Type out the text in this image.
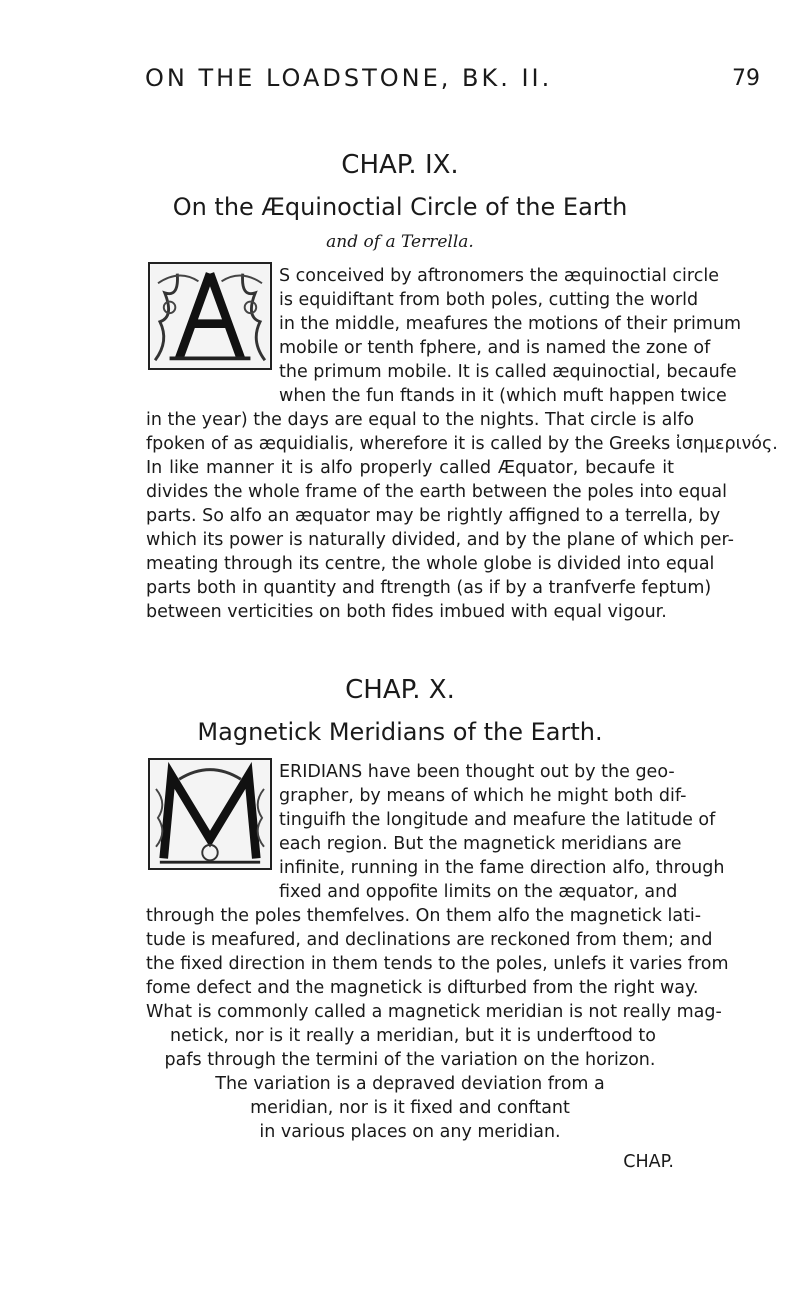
ON THE LOADSTONE, BK. II.	79
CHAP. IX.
On the Æquinoctial Circle of the Earth
and of a Terrella.
S conceived by aftronomers the æquinoctial circle
is equidiftant from both poles, cutting the world
in the middle, meafures the motions of their primum
mobile or tenth fphere, and is named the zone of
the primum mobile. It is called æquinoctial, becaufe
when the fun ftands in it (which muft happen twice
in the year) the days are equal to the nights. That circle is alfo
fpoken of as æquidialis, wherefore it is called by the Greeks ἰσημερινός.
In like manner it is alfo properly called Æquator, becaufe it
divides the whole frame of the earth between the poles into equal
parts. So alfo an æquator may be rightly affigned to a terrella, by
which its power is naturally divided, and by the plane of which per-
meating through its centre, the whole globe is divided into equal
parts both in quantity and ftrength (as if by a tranfverfe feptum)
between verticities on both fides imbued with equal vigour.
CHAP. X.
Magnetick Meridians of the Earth.
ERIDIANS have been thought out by the geo-
grapher, by means of which he might both dif-
tinguifh the longitude and meafure the latitude of
each region. But the magnetick meridians are
infinite, running in the fame direction alfo, through
fixed and oppofite limits on the æquator, and
through the poles themfelves. On them alfo the magnetick lati-
tude is meafured, and declinations are reckoned from them; and
the fixed direction in them tends to the poles, unlefs it varies from
fome defect and the magnetick is difturbed from the right way.
What is commonly called a magnetick meridian is not really mag-
netick, nor is it really a meridian, but it is underftood to
pafs through the termini of the variation on the horizon.
The variation is a depraved deviation from a
meridian, nor is it fixed and conftant
in various places on any meridian.
CHAP.
